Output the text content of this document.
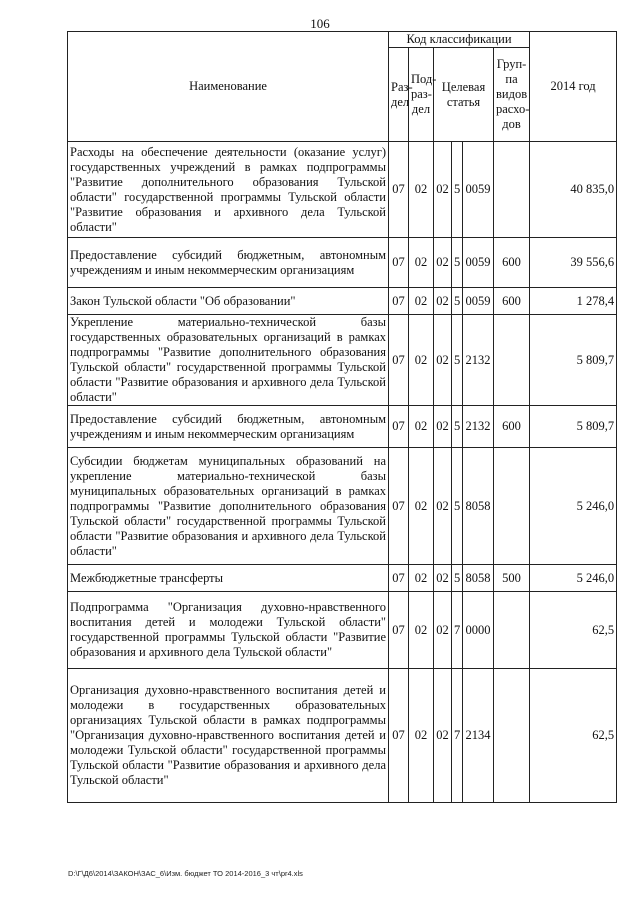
106
Наименование	Код классификации						2014 год
	Раз-дел	Под-раз-дел	Целевая статья			Груп-па видов расхо-дов	
Расходы на обеспечение деятельности (оказание услуг) государственных учреждений в рамках подпрограммы "Развитие дополнительного образования Тульской области" государственной программы Тульской области "Развитие образования и архивного дела Тульской области"	07	02	02	5	0059		40 835,0
Предоставление субсидий бюджетным, автономным учреждениям и иным некоммерческим организациям	07	02	02	5	0059	600	39 556,6
Закон Тульской области "Об образовании"	07	02	02	5	0059	600	1 278,4
Укрепление материально-технической базы государственных образовательных организаций в рамках подпрограммы "Развитие дополнительного образования Тульской области" государственной программы Тульской области "Развитие образования и архивного дела Тульской области"	07	02	02	5	2132		5 809,7
Предоставление субсидий бюджетным, автономным учреждениям и иным некоммерческим организациям	07	02	02	5	2132	600	5 809,7
Субсидии бюджетам муниципальных образований на укрепление материально-технической базы муниципальных образовательных организаций в рамках подпрограммы "Развитие дополнительного образования Тульской области" государственной программы Тульской области "Развитие образования и архивного дела Тульской области"	07	02	02	5	8058		5 246,0
Межбюджетные трансферты	07	02	02	5	8058	500	5 246,0
Подпрограмма "Организация духовно-нравственного воспитания детей и молодежи Тульской области" государственной программы Тульской области "Развитие образования и архивного дела Тульской области"	07	02	02	7	0000		62,5
Организация духовно-нравственного воспитания детей и молодежи в государственных образовательных организациях Тульской области в рамках подпрограммы "Организация духовно-нравственного воспитания детей и молодежи Тульской области" государственной программы Тульской области "Развитие образования и архивного дела Тульской области"	07	02	02	7	2134		62,5
D:\Г\Д6\2014\ЗАКОН\ЗАС_6\Изм. бюджет ТО 2014-2016_3 чт\pr4.xls
